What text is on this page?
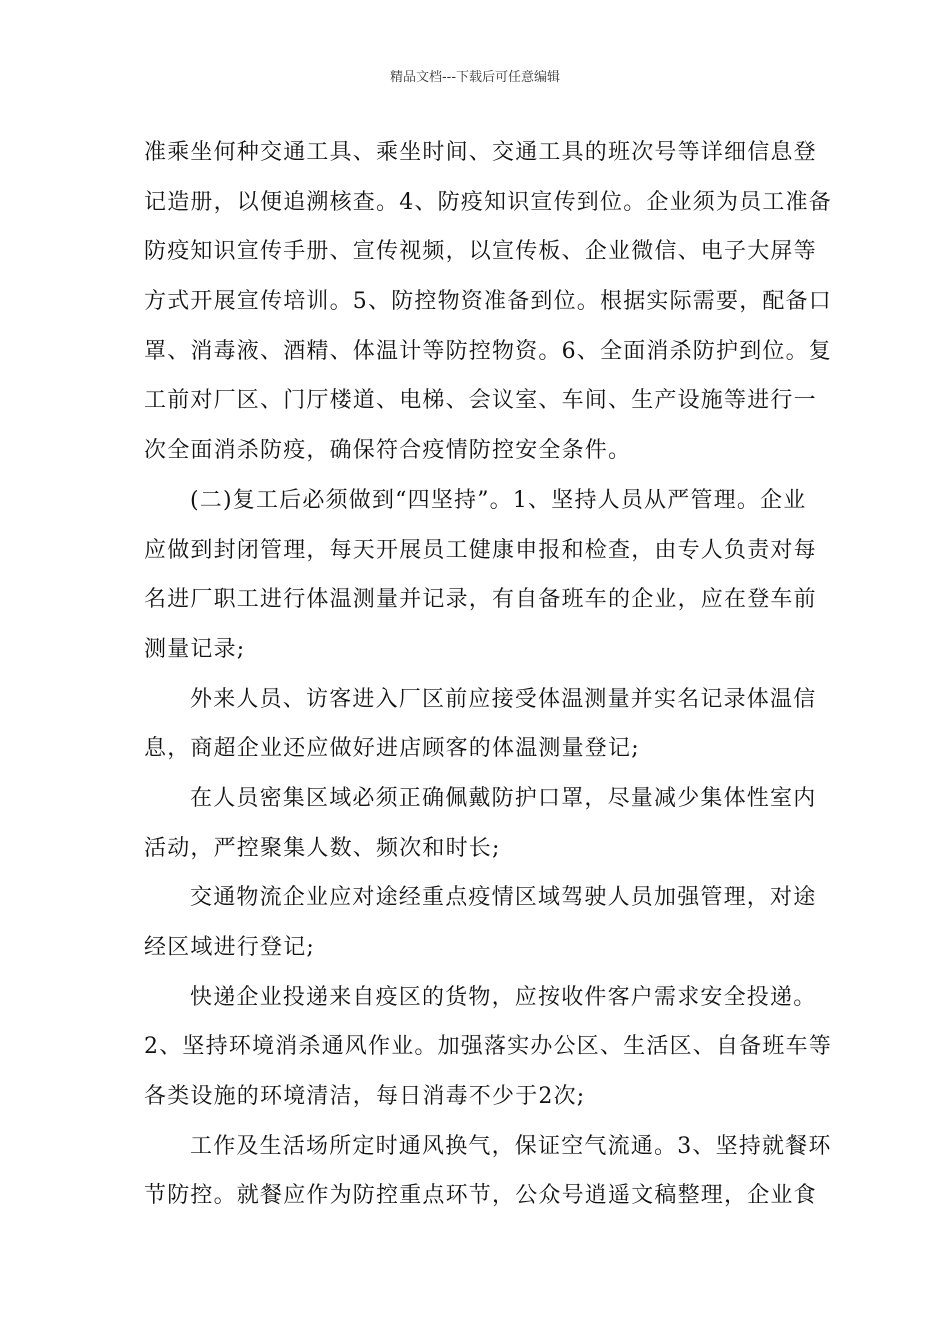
精品文档---下载后可任意编辑
准乘坐何种交通工具、乘坐时间、交通工具的班次号等详细信息登
记造册，以便追溯核查。4、防疫知识宣传到位。企业须为员工准备
防疫知识宣传手册、宣传视频，以宣传板、企业微信、电子大屏等
方式开展宣传培训。5、防控物资准备到位。根据实际需要，配备口
罩、消毒液、酒精、体温计等防控物资。6、全面消杀防护到位。复
工前对厂区、门厅楼道、电梯、会议室、车间、生产设施等进行一
次全面消杀防疫，确保符合疫情防控安全条件。
(二)复工后必须做到“四坚持”。1、坚持人员从严管理。企业
应做到封闭管理，每天开展员工健康申报和检查，由专人负责对每
名进厂职工进行体温测量并记录，有自备班车的企业，应在登车前
测量记录;
外来人员、访客进入厂区前应接受体温测量并实名记录体温信
息，商超企业还应做好进店顾客的体温测量登记;
在人员密集区域必须正确佩戴防护口罩，尽量减少集体性室内
活动，严控聚集人数、频次和时长;
交通物流企业应对途经重点疫情区域驾驶人员加强管理，对途
经区域进行登记;
快递企业投递来自疫区的货物，应按收件客户需求安全投递。
2、坚持环境消杀通风作业。加强落实办公区、生活区、自备班车等
各类设施的环境清洁，每日消毒不少于2次;
工作及生活场所定时通风换气，保证空气流通。3、坚持就餐环
节防控。就餐应作为防控重点环节，公众号逍遥文稿整理，企业食
